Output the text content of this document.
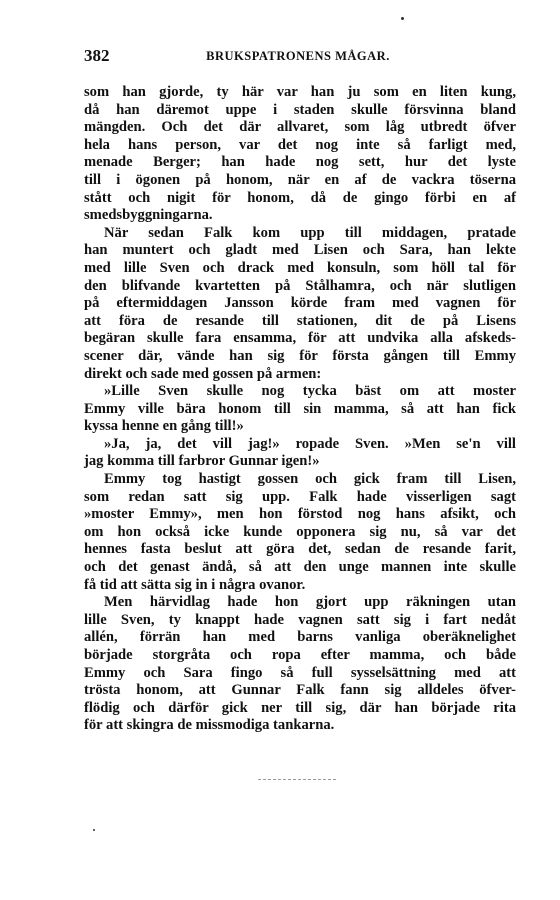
382	BRUKSPATRONENS MÅGAR.
som han gjorde, ty här var han ju som en liten kung,
då han däremot uppe i staden skulle försvinna bland
mängden. Och det där allvaret, som låg utbredt öfver
hela hans person, var det nog inte så farligt med,
menade Berger; han hade nog sett, hur det lyste
till i ögonen på honom, när en af de vackra töserna
stått och nigit för honom, då de gingo förbi en af
smedsbyggningarna.
När sedan Falk kom upp till middagen, pratade
han muntert och gladt med Lisen och Sara, han lekte
med lille Sven och drack med konsuln, som höll tal för
den blifvande kvartetten på Stålhamra, och när slutligen
på eftermiddagen Jansson körde fram med vagnen för
att föra de resande till stationen, dit de på Lisens
begäran skulle fara ensamma, för att undvika alla afskeds-
scener där, vände han sig för första gången till Emmy
direkt och sade med gossen på armen:
»Lille Sven skulle nog tycka bäst om att moster
Emmy ville bära honom till sin mamma, så att han fick
kyssa henne en gång till!»
»Ja, ja, det vill jag!» ropade Sven. »Men se'n vill
jag komma till farbror Gunnar igen!»
Emmy tog hastigt gossen och gick fram till Lisen,
som redan satt sig upp. Falk hade visserligen sagt
»moster Emmy», men hon förstod nog hans afsikt, och
om hon också icke kunde opponera sig nu, så var det
hennes fasta beslut att göra det, sedan de resande farit,
och det genast ändå, så att den unge mannen inte skulle
få tid att sätta sig in i några ovanor.
Men härvidlag hade hon gjort upp räkningen utan
lille Sven, ty knappt hade vagnen satt sig i fart nedåt
allén, förrän han med barns vanliga oberäknelighet
började storgråta och ropa efter mamma, och både
Emmy och Sara fingo så full sysselsättning med att
trösta honom, att Gunnar Falk fann sig alldeles öfver-
flödig och därför gick ner till sig, där han började rita
för att skingra de missmodiga tankarna.
